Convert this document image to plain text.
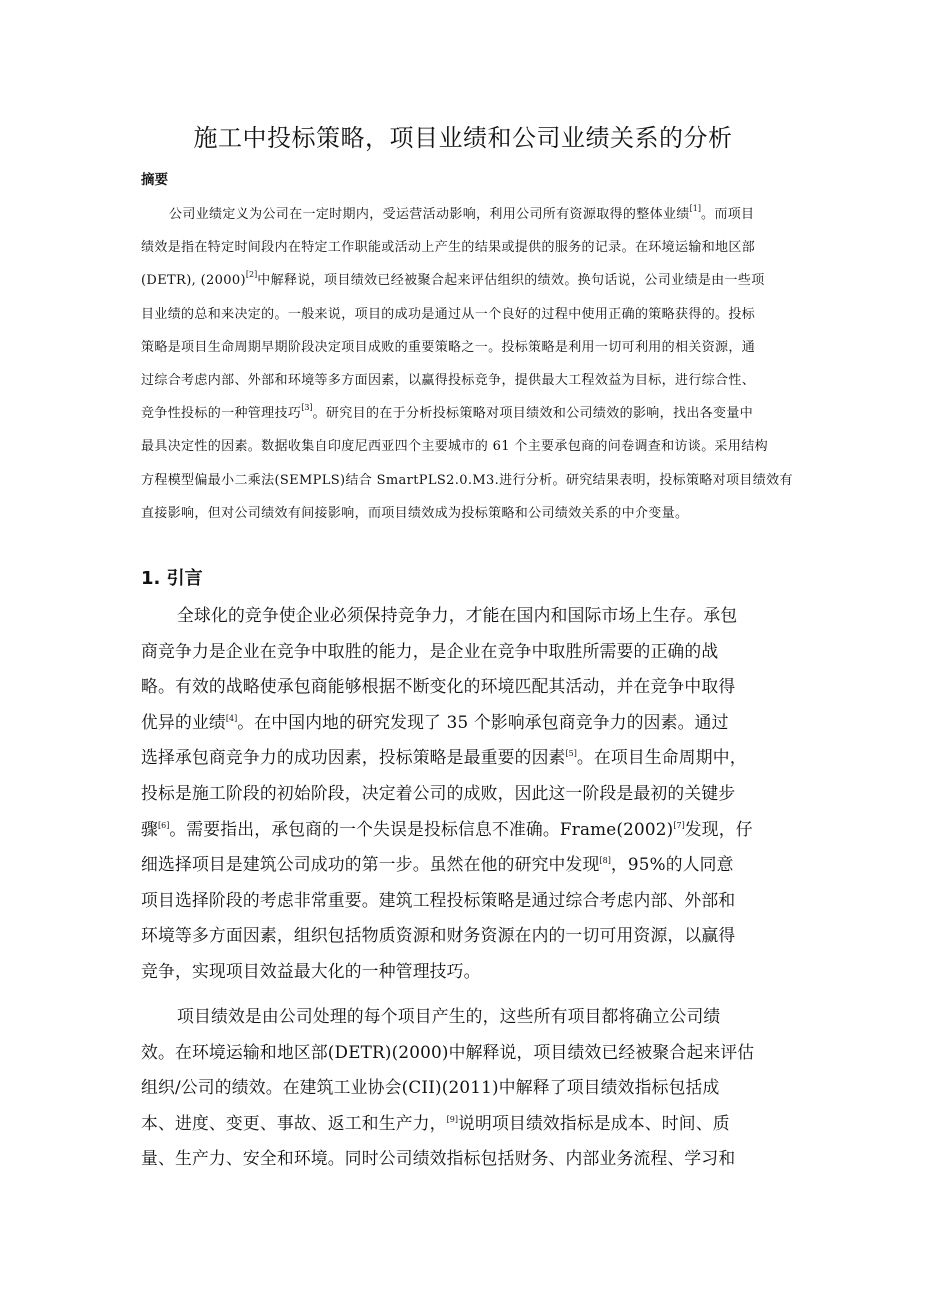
施工中投标策略，项目业绩和公司业绩关系的分析
摘要
公司业绩定义为公司在一定时期内，受运营活动影响，利用公司所有资源取得的整体业绩[1]。而项目
绩效是指在特定时间段内在特定工作职能或活动上产生的结果或提供的服务的记录。在环境运输和地区部
(DETR), (2000)[2]中解释说，项目绩效已经被聚合起来评估组织的绩效。换句话说，公司业绩是由一些项
目业绩的总和来决定的。一般来说，项目的成功是通过从一个良好的过程中使用正确的策略获得的。投标
策略是项目生命周期早期阶段决定项目成败的重要策略之一。投标策略是利用一切可利用的相关资源，通
过综合考虑内部、外部和环境等多方面因素，以赢得投标竞争，提供最大工程效益为目标，进行综合性、
竞争性投标的一种管理技巧[3]。研究目的在于分析投标策略对项目绩效和公司绩效的影响，找出各变量中
最具决定性的因素。数据收集自印度尼西亚四个主要城市的 61 个主要承包商的问卷调查和访谈。采用结构
方程模型偏最小二乘法(SEMPLS)结合 SmartPLS2.0.M3.进行分析。研究结果表明，投标策略对项目绩效有
直接影响，但对公司绩效有间接影响，而项目绩效成为投标策略和公司绩效关系的中介变量。
1. 引言
全球化的竞争使企业必须保持竞争力，才能在国内和国际市场上生存。承包
商竞争力是企业在竞争中取胜的能力，是企业在竞争中取胜所需要的正确的战
略。有效的战略使承包商能够根据不断变化的环境匹配其活动，并在竞争中取得
优异的业绩[4]。在中国内地的研究发现了 35 个影响承包商竞争力的因素。通过
选择承包商竞争力的成功因素，投标策略是最重要的因素[5]。在项目生命周期中，
投标是施工阶段的初始阶段，决定着公司的成败，因此这一阶段是最初的关键步
骤[6]。需要指出，承包商的一个失误是投标信息不准确。Frame(2002)[7]发现，仔
细选择项目是建筑公司成功的第一步。虽然在他的研究中发现[8]，95%的人同意
项目选择阶段的考虑非常重要。建筑工程投标策略是通过综合考虑内部、外部和
环境等多方面因素，组织包括物质资源和财务资源在内的一切可用资源，以赢得
竞争，实现项目效益最大化的一种管理技巧。
项目绩效是由公司处理的每个项目产生的，这些所有项目都将确立公司绩
效。在环境运输和地区部(DETR)(2000)中解释说，项目绩效已经被聚合起来评估
组织/公司的绩效。在建筑工业协会(CII)(2011)中解释了项目绩效指标包括成
本、进度、变更、事故、返工和生产力，[9]说明项目绩效指标是成本、时间、质
量、生产力、安全和环境。同时公司绩效指标包括财务、内部业务流程、学习和
